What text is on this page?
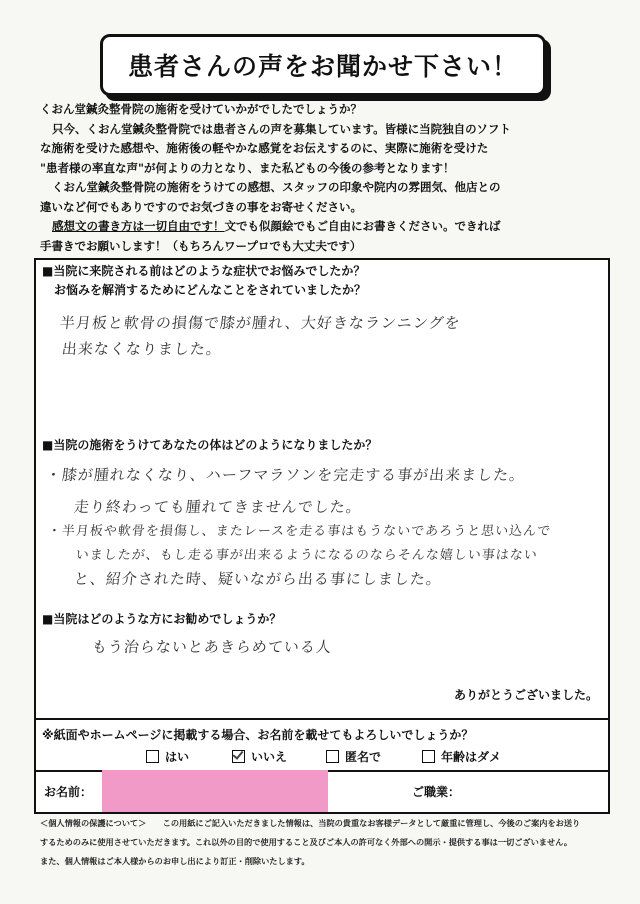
患者さんの声をお聞かせ下さい！
くおん堂鍼灸整骨院の施術を受けていかがでしたでしょうか？
只今、くおん堂鍼灸整骨院では患者さんの声を募集しています。皆様に当院独自のソフト
な施術を受けた感想や、施術後の軽やかな感覚をお伝えするのに、実際に施術を受けた
"患者様の率直な声"が何よりの力となり、また私どもの今後の参考となります！
くおん堂鍼灸整骨院の施術をうけての感想、スタッフの印象や院内の雰囲気、他店との
違いなど何でもありですのでお気づきの事をお寄せください。
感想文の書き方は一切自由です！文でも似顔絵でもご自由にお書きください。できれば
手書きでお願いします！（もちろんワープロでも大丈夫です）
■当院に来院される前はどのような症状でお悩みでしたか？
お悩みを解消するためにどんなことをされていましたか？
半月板と軟骨の損傷で膝が腫れ、大好きなランニングを
出来なくなりました。
■当院の施術をうけてあなたの体はどのようになりましたか？
・膝が腫れなくなり、ハーフマラソンを完走する事が出来ました。
走り終わっても腫れてきませんでした。
・半月板や軟骨を損傷し、またレースを走る事はもうないであろうと思い込んで
いましたが、もし走る事が出来るようになるのならそんな嬉しい事はない
と、紹介された時、疑いながら出る事にしました。
■当院はどのような方にお勧めでしょうか？
もう治らないとあきらめている人
ありがとうございました。
※紙面やホームページに掲載する場合、お名前を載せてもよろしいでしょうか？
はい	いいえ	匿名で	年齢はダメ
お名前：	ご職業：
＜個人情報の保護について＞　　この用紙にご記入いただきました情報は、当院の貴重なお客様データとして厳重に管理し、今後のご案内をお送り
するためのみに使用させていただきます。これ以外の目的で使用すること及びご本人の許可なく外部への開示・提供する事は一切ございません。
また、個人情報はご本人様からのお申し出により訂正・削除いたします。
